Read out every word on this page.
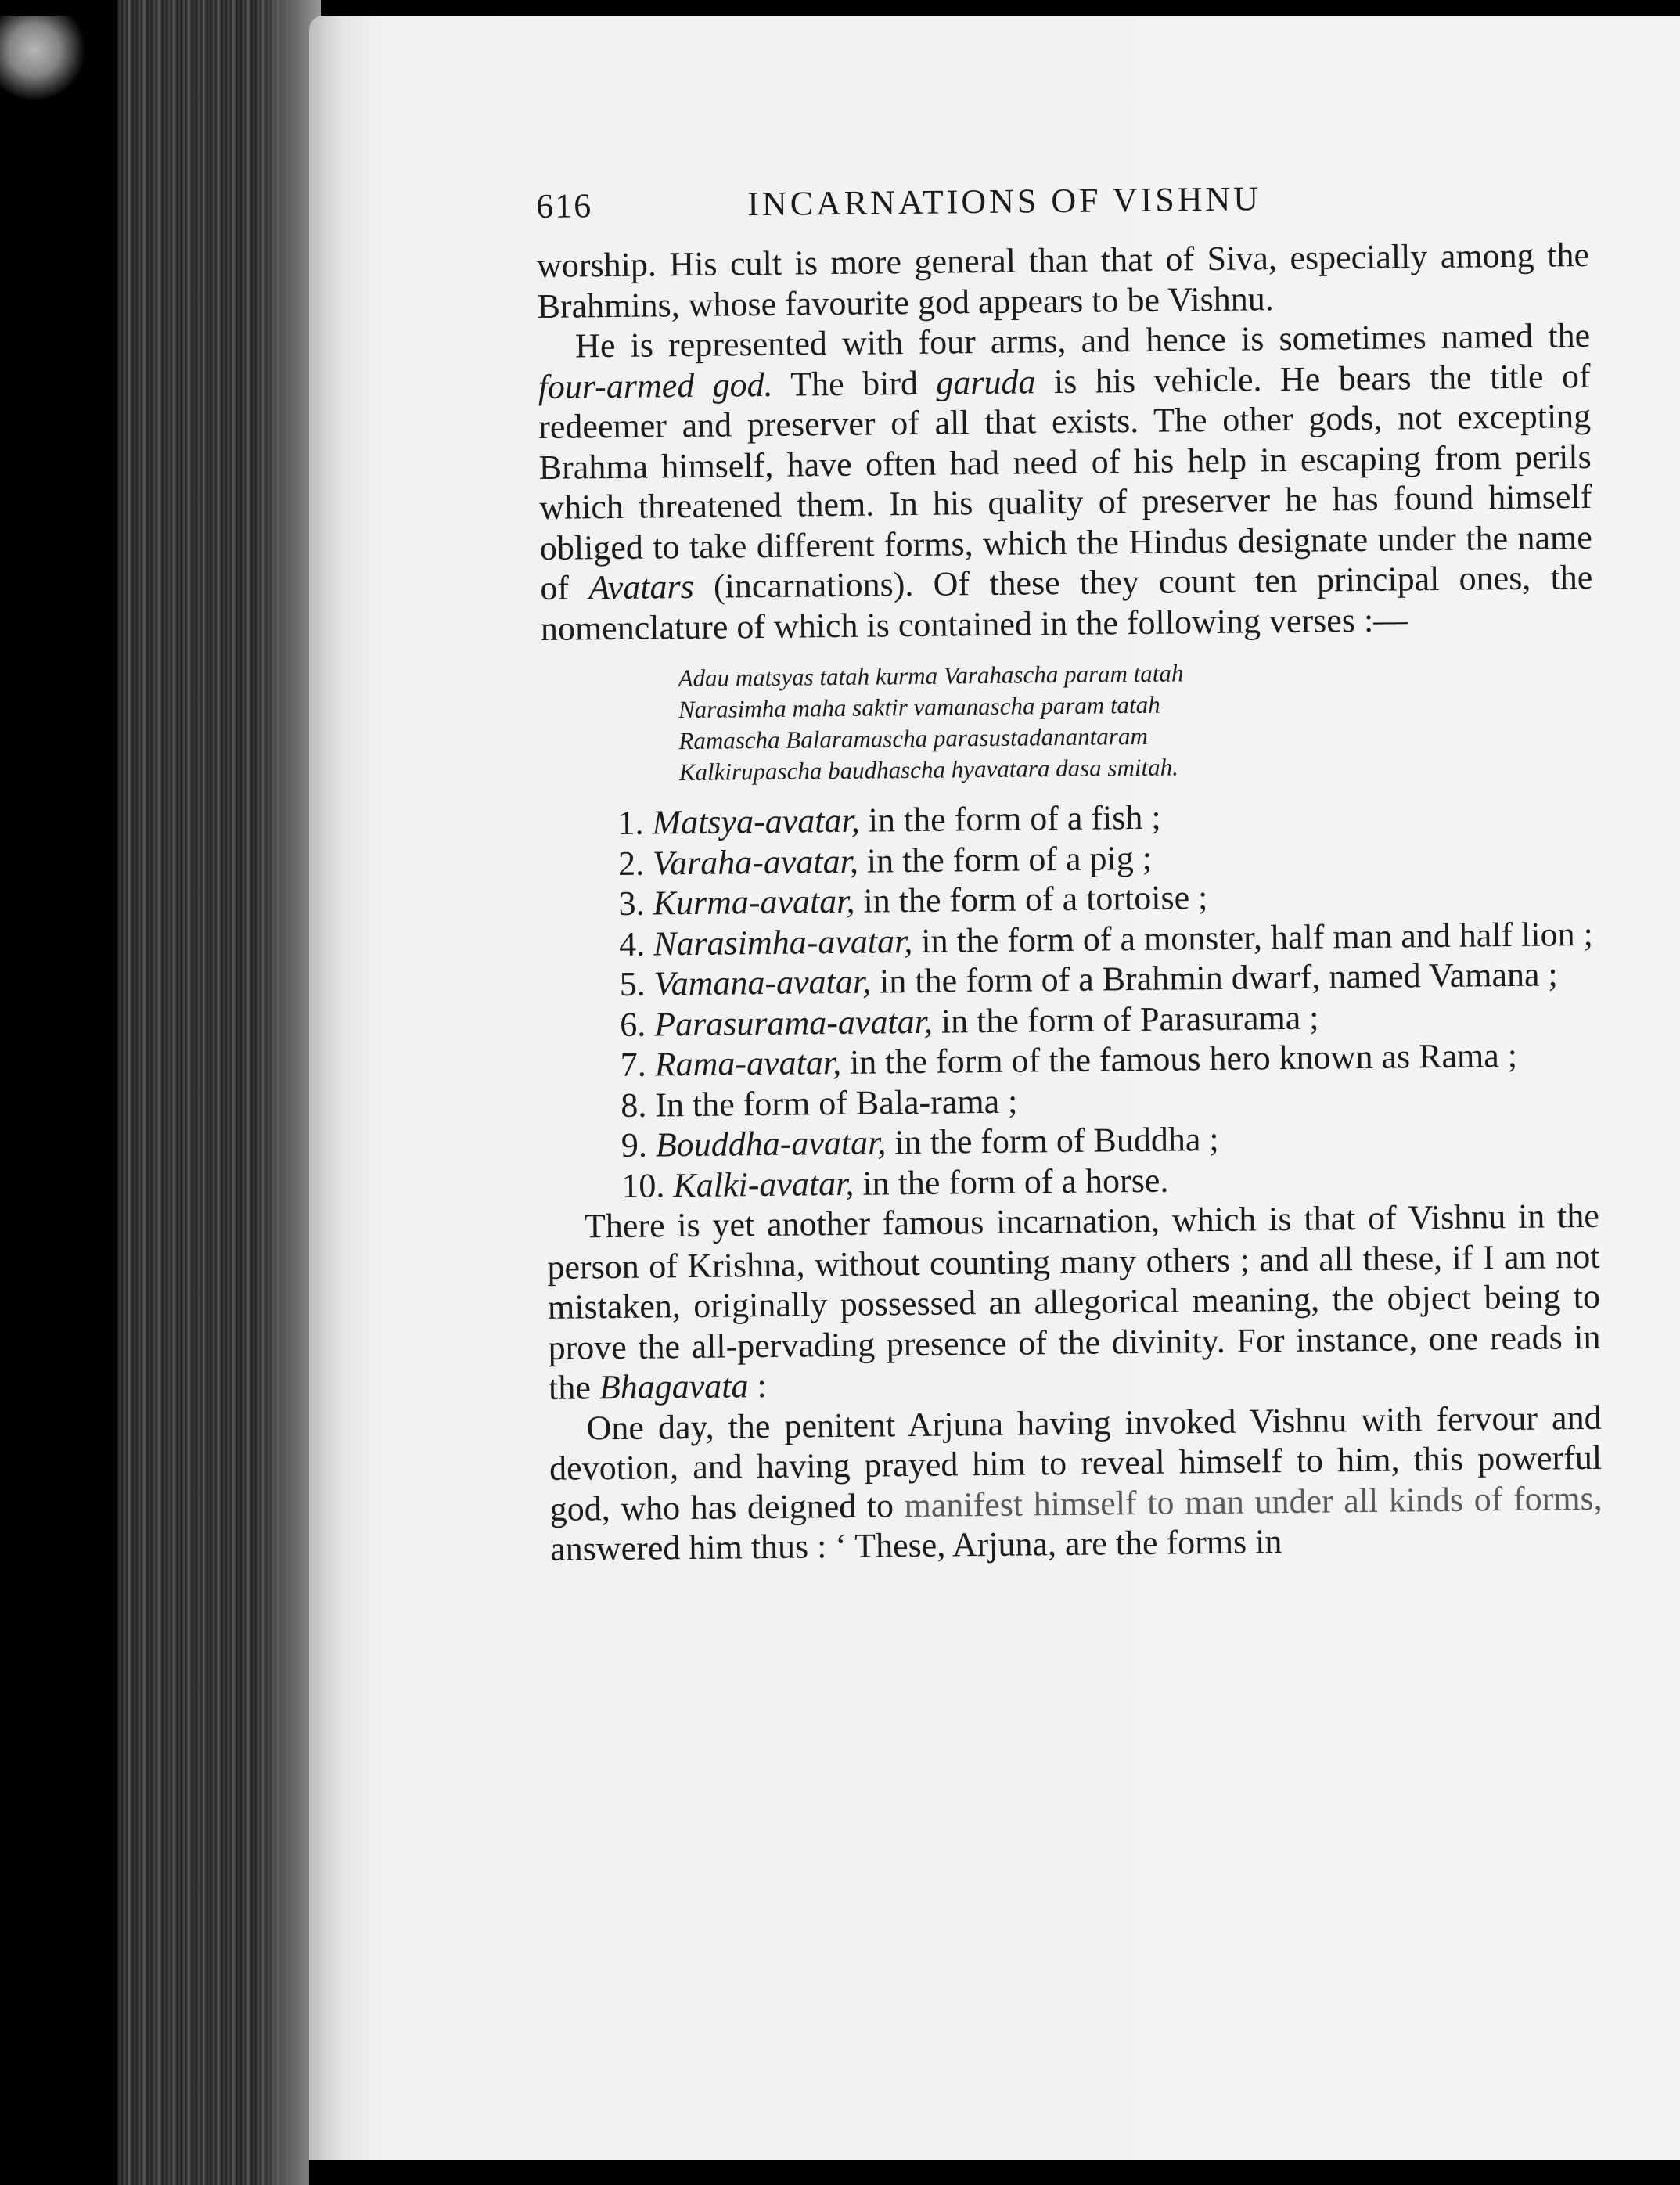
616	INCARNATIONS OF VISHNU

worship. His cult is more general than that of Siva, especially among the Brahmins, whose favourite god appears to be Vishnu.

He is represented with four arms, and hence is sometimes named the four-armed god. The bird garuda is his vehicle. He bears the title of redeemer and preserver of all that exists. The other gods, not excepting Brahma himself, have often had need of his help in escaping from perils which threatened them. In his quality of preserver he has found himself obliged to take different forms, which the Hindus designate under the name of Avatars (incarnations). Of these they count ten principal ones, the nomenclature of which is contained in the following verses :—

Adau matsyas tatah kurma Varahascha param tatah
Narasimha maha saktir vamanascha param tatah
Ramascha Balaramascha parasustadanantaram
Kalkirupascha baudhascha hyavatara dasa smitah.
1. Matsya-avatar, in the form of a fish ;
2. Varaha-avatar, in the form of a pig ;
3. Kurma-avatar, in the form of a tortoise ;
4. Narasimha-avatar, in the form of a monster, half man and half lion ;
5. Vamana-avatar, in the form of a Brahmin dwarf, named Vamana ;
6. Parasurama-avatar, in the form of Parasurama ;
7. Rama-avatar, in the form of the famous hero known as Rama ;
8. In the form of Bala-rama ;
9. Bouddha-avatar, in the form of Buddha ;
10. Kalki-avatar, in the form of a horse.

There is yet another famous incarnation, which is that of Vishnu in the person of Krishna, without counting many others ; and all these, if I am not mistaken, originally possessed an allegorical meaning, the object being to prove the all-pervading presence of the divinity. For instance, one reads in the Bhagavata :

One day, the penitent Arjuna having invoked Vishnu with fervour and devotion, and having prayed him to reveal himself to him, this powerful god, who has deigned to manifest himself to man under all kinds of forms, answered him thus : ‘ These, Arjuna, are the forms in
